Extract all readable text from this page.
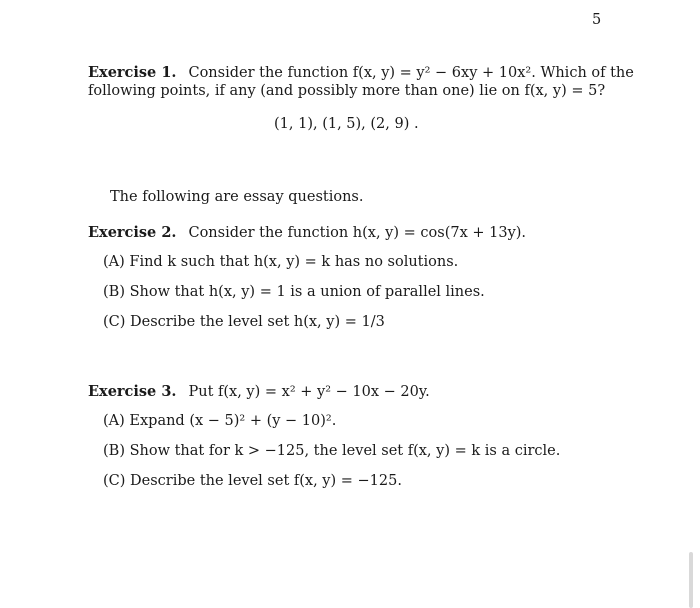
5
Exercise 1. Consider the function f(x, y) = y² − 6xy + 10x². Which of the
following points, if any (and possibly more than one) lie on f(x, y) = 5?
(1, 1), (1, 5), (2, 9) .
The following are essay questions.
Exercise 2. Consider the function h(x, y) = cos(7x + 13y).
(A) Find k such that h(x, y) = k has no solutions.
(B) Show that h(x, y) = 1 is a union of parallel lines.
(C) Describe the level set h(x, y) = 1/3
Exercise 3. Put f(x, y) = x² + y² − 10x − 20y.
(A) Expand (x − 5)² + (y − 10)².
(B) Show that for k > −125, the level set f(x, y) = k is a circle.
(C) Describe the level set f(x, y) = −125.
